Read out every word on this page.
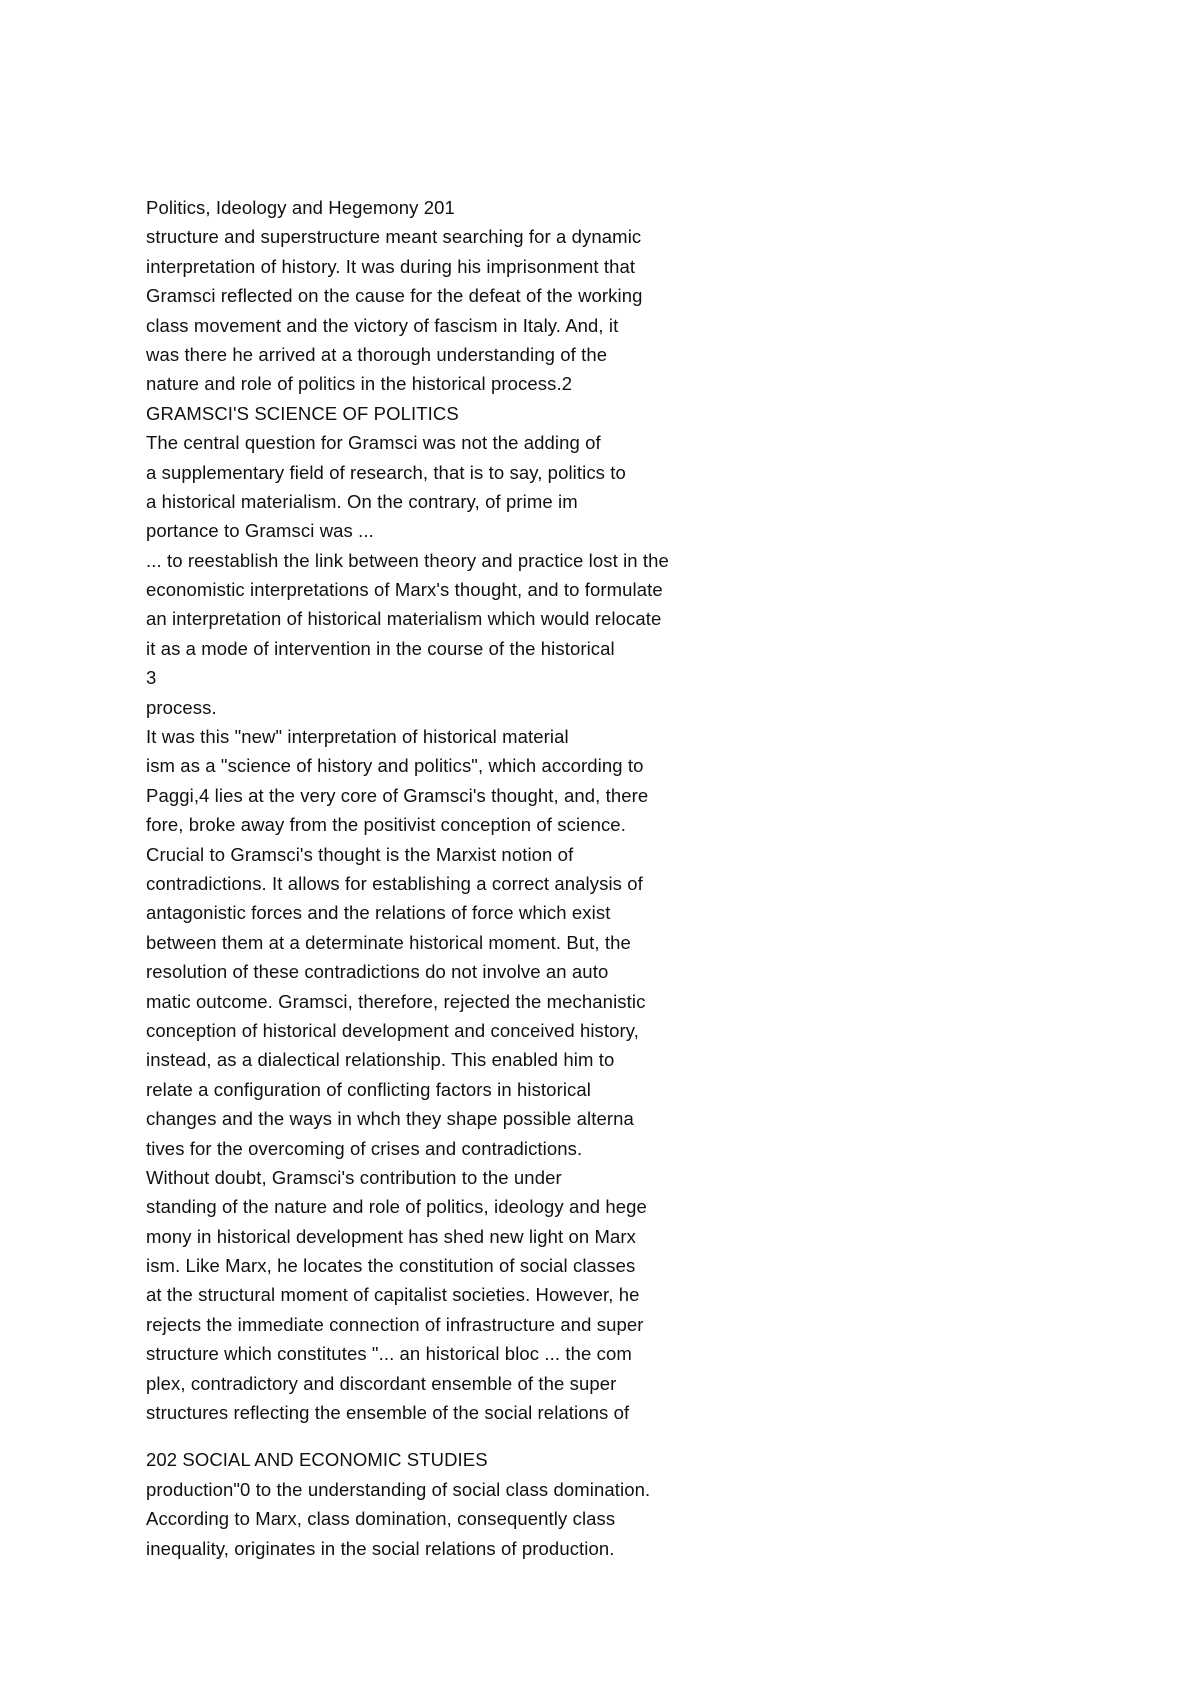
Politics, Ideology and Hegemony 201
structure and superstructure meant searching for a dynamic
interpretation of history. It was during his imprisonment that
Gramsci reflected on the cause for the defeat of the working
class movement and the victory of fascism in Italy. And, it
was there he arrived at a thorough understanding of the
nature and role of politics in the historical process.2
GRAMSCI'S SCIENCE OF POLITICS
The central question for Gramsci was not the adding of
a supplementary field of research, that is to say, politics to
a historical materialism. On the contrary, of prime im
portance to Gramsci was ...
... to reestablish the link between theory and practice lost in the
economistic interpretations of Marx's thought, and to formulate
an interpretation of historical materialism which would relocate
it as a mode of intervention in the course of the historical
3
process.
It was this "new" interpretation of historical material
ism as a "science of history and politics", which according to
Paggi,4 lies at the very core of Gramsci's thought, and, there
fore, broke away from the positivist conception of science.
Crucial to Gramsci's thought is the Marxist notion of
contradictions. It allows for establishing a correct analysis of
antagonistic forces and the relations of force which exist
between them at a determinate historical moment. But, the
resolution of these contradictions do not involve an auto
matic outcome. Gramsci, therefore, rejected the mechanistic
conception of historical development and conceived history,
instead, as a dialectical relationship. This enabled him to
relate a configuration of conflicting factors in historical
changes and the ways in whch they shape possible alterna
tives for the overcoming of crises and contradictions.
Without doubt, Gramsci's contribution to the under
standing of the nature and role of politics, ideology and hege
mony in historical development has shed new light on Marx
ism. Like Marx, he locates the constitution of social classes
at the structural moment of capitalist societies. However, he
rejects the immediate connection of infrastructure and super
structure which constitutes "... an historical bloc ... the com
plex, contradictory and discordant ensemble of the super
structures reflecting the ensemble of the social relations of
202 SOCIAL AND ECONOMIC STUDIES
production"0 to the understanding of social class domination.
According to Marx, class domination, consequently class
inequality, originates in the social relations of production.
